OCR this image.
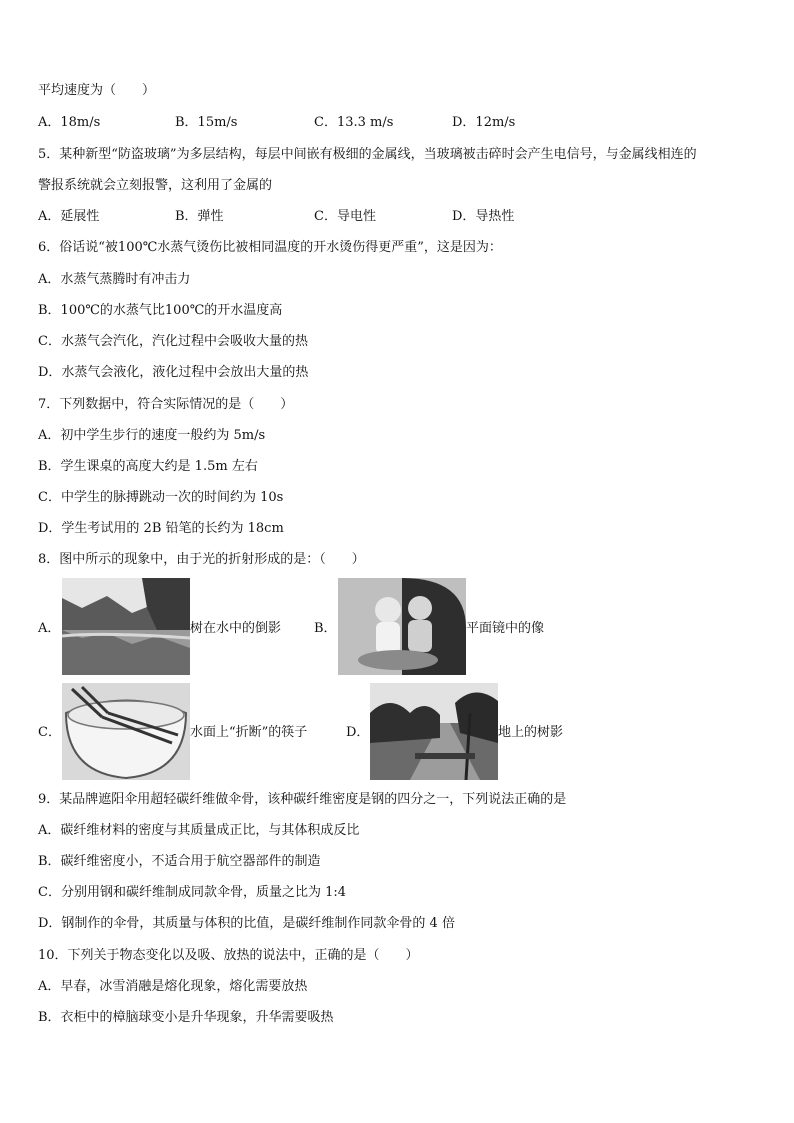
平均速度为（　　）
A．18m/s	B．15m/s	C．13.3 m/s	D．12m/s
5．某种新型“防盗玻璃”为多层结构，每层中间嵌有极细的金属线，当玻璃被击碎时会产生电信号，与金属线相连的
警报系统就会立刻报警，这利用了金属的
A．延展性	B．弹性	C．导电性	D．导热性
6．俗话说“被100℃水蒸气烫伤比被相同温度的开水烫伤得更严重”，这是因为：
A．水蒸气蒸腾时有冲击力
B．100℃的水蒸气比100℃的开水温度高
C．水蒸气会汽化，汽化过程中会吸收大量的热
D．水蒸气会液化，液化过程中会放出大量的热
7．下列数据中，符合实际情况的是（　　）
A．初中学生步行的速度一般约为 5m/s
B．学生课桌的高度大约是 1.5m 左右
C．中学生的脉搏跳动一次的时间约为 10s
D．学生考试用的 2B 铅笔的长约为 18cm
8．图中所示的现象中，由于光的折射形成的是：（　　）
A．	树在水中的倒影	B．	平面镜中的像
C．	水面上“折断”的筷子	D．	地上的树影
9．某品牌遮阳伞用超轻碳纤维做伞骨，该种碳纤维密度是钢的四分之一，下列说法正确的是
A．碳纤维材料的密度与其质量成正比，与其体积成反比
B．碳纤维密度小，不适合用于航空器部件的制造
C．分别用钢和碳纤维制成同款伞骨，质量之比为 1:4
D．钢制作的伞骨，其质量与体积的比值，是碳纤维制作同款伞骨的 4 倍
10．下列关于物态变化以及吸、放热的说法中，正确的是（　　）
A．早春，冰雪消融是熔化现象，熔化需要放热
B．衣柜中的樟脑球变小是升华现象，升华需要吸热
